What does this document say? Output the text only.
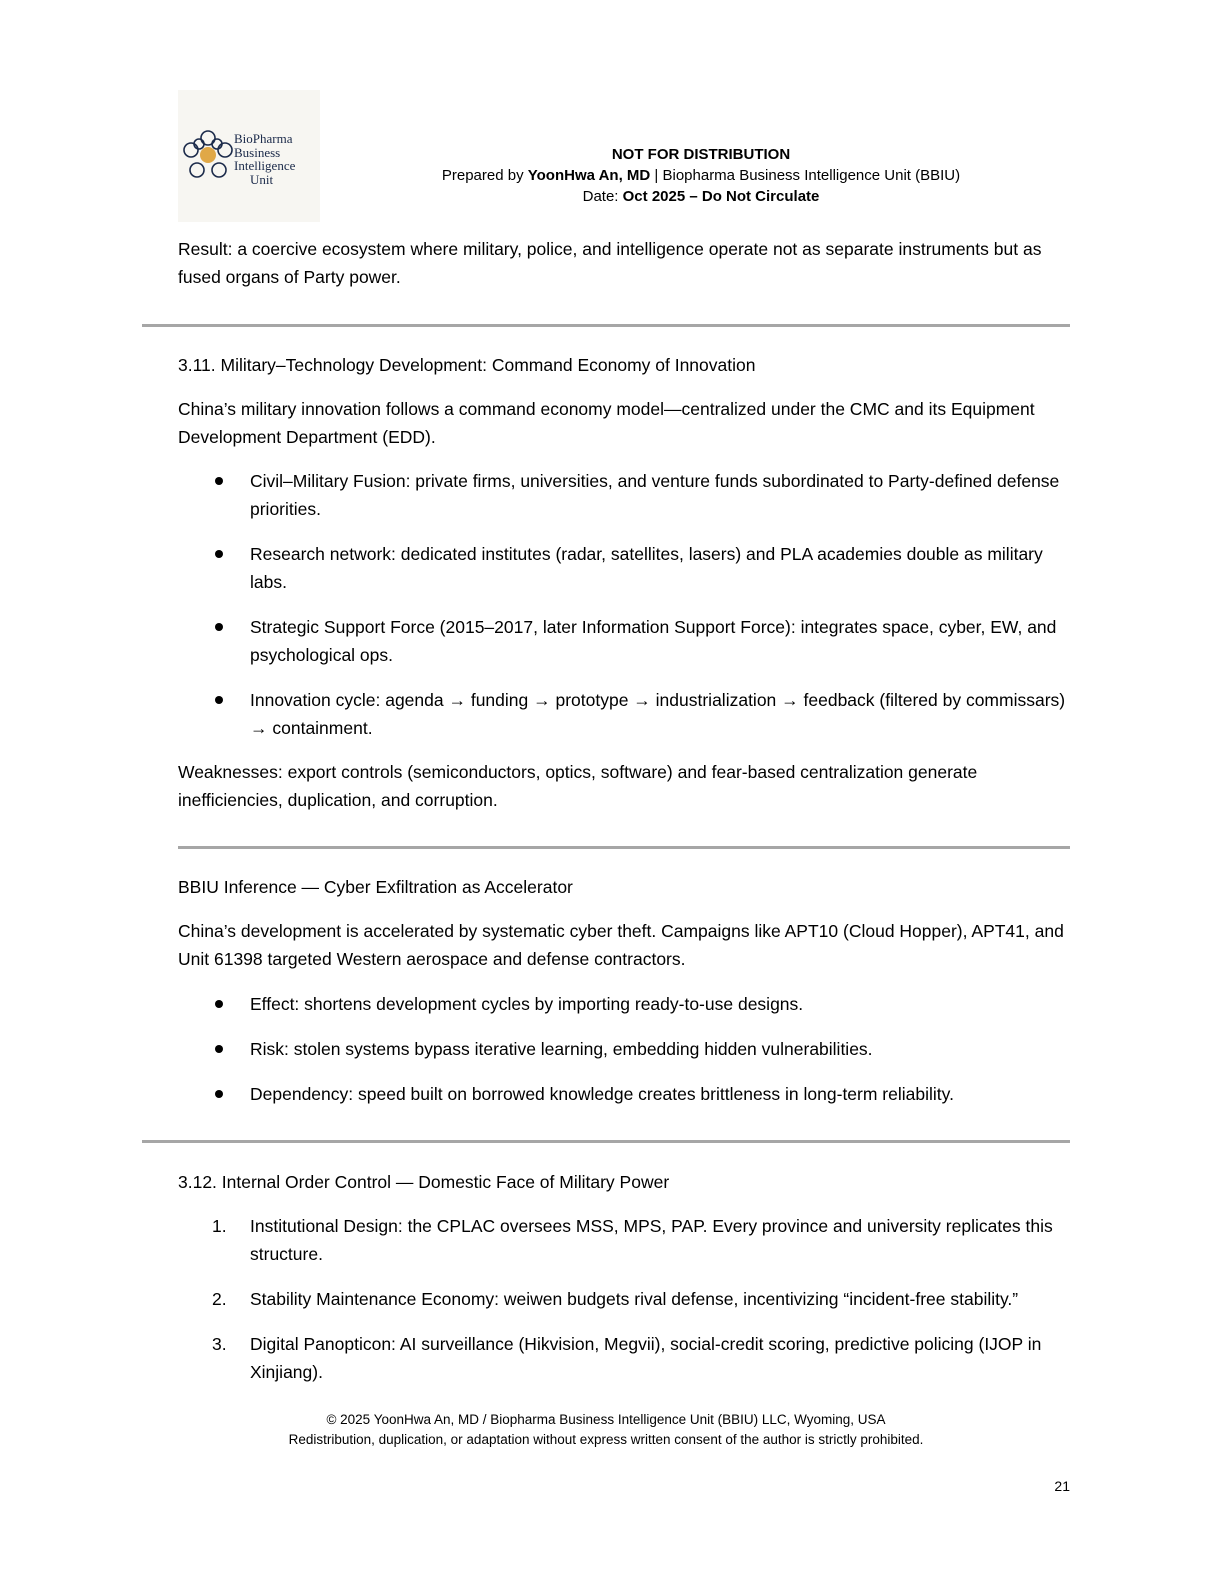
BioPharma
Business
Intelligence
Unit
NOT FOR DISTRIBUTION
Prepared by YoonHwa An, MD | Biopharma Business Intelligence Unit (BBIU)
Date: Oct 2025 – Do Not Circulate
Result: a coercive ecosystem where military, police, and intelligence operate not as separate instruments but as fused organs of Party power.
3.11. Military–Technology Development: Command Economy of Innovation
China’s military innovation follows a command economy model—centralized under the CMC and its Equipment Development Department (EDD).
Civil–Military Fusion: private firms, universities, and venture funds subordinated to Party-defined defense priorities.
Research network: dedicated institutes (radar, satellites, lasers) and PLA academies double as military labs.
Strategic Support Force (2015–2017, later Information Support Force): integrates space, cyber, EW, and psychological ops.
Innovation cycle: agenda → funding → prototype → industrialization → feedback (filtered by commissars) → containment.
Weaknesses: export controls (semiconductors, optics, software) and fear-based centralization generate inefficiencies, duplication, and corruption.
BBIU Inference — Cyber Exfiltration as Accelerator
China’s development is accelerated by systematic cyber theft. Campaigns like APT10 (Cloud Hopper), APT41, and Unit 61398 targeted Western aerospace and defense contractors.
Effect: shortens development cycles by importing ready-to-use designs.
Risk: stolen systems bypass iterative learning, embedding hidden vulnerabilities.
Dependency: speed built on borrowed knowledge creates brittleness in long-term reliability.
3.12. Internal Order Control — Domestic Face of Military Power
1. Institutional Design: the CPLAC oversees MSS, MPS, PAP. Every province and university replicates this structure.
2. Stability Maintenance Economy: weiwen budgets rival defense, incentivizing “incident-free stability.”
3. Digital Panopticon: AI surveillance (Hikvision, Megvii), social-credit scoring, predictive policing (IJOP in Xinjiang).
© 2025 YoonHwa An, MD / Biopharma Business Intelligence Unit (BBIU) LLC, Wyoming, USA
Redistribution, duplication, or adaptation without express written consent of the author is strictly prohibited.
21
